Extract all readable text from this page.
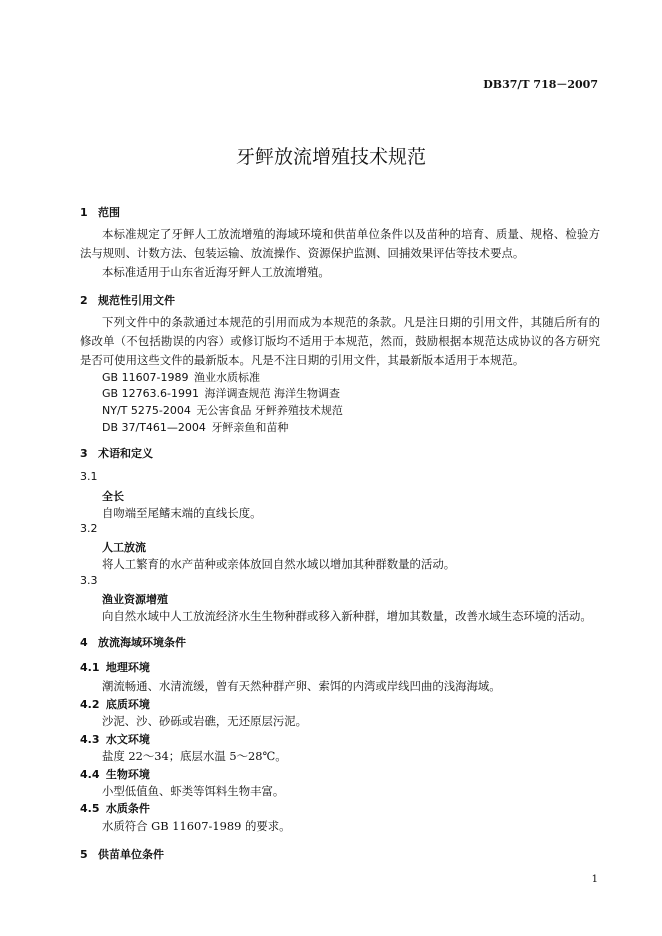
DB37/T 718－2007
牙鲆放流增殖技术规范
1 范围
本标准规定了牙鲆人工放流增殖的海域环境和供苗单位条件以及苗种的培育、质量、规格、检验方法与规则、计数方法、包装运输、放流操作、资源保护监测、回捕效果评估等技术要点。
本标准适用于山东省近海牙鲆人工放流增殖。
2 规范性引用文件
下列文件中的条款通过本规范的引用而成为本规范的条款。凡是注日期的引用文件，其随后所有的修改单（不包括勘误的内容）或修订版均不适用于本规范，然而，鼓励根据本规范达成协议的各方研究是否可使用这些文件的最新版本。凡是不注日期的引用文件，其最新版本适用于本规范。
GB 11607-1989 渔业水质标准
GB 12763.6-1991 海洋调查规范 海洋生物调查
NY/T 5275-2004 无公害食品 牙鲆养殖技术规范
DB 37/T461—2004 牙鲆亲鱼和苗种
3 术语和定义
3.1
全长
自吻端至尾鳍末端的直线长度。
3.2
人工放流
将人工繁育的水产苗种或亲体放回自然水域以增加其种群数量的活动。
3.3
渔业资源增殖
向自然水域中人工放流经济水生生物种群或移入新种群，增加其数量，改善水域生态环境的活动。
4 放流海域环境条件
4.1 地理环境
潮流畅通、水清流缓，曾有天然种群产卵、索饵的内湾或岸线凹曲的浅海海域。
4.2 底质环境
沙泥、沙、砂砾或岩礁，无还原层污泥。
4.3 水文环境
盐度 22～34；底层水温 5～28℃。
4.4 生物环境
小型低值鱼、虾类等饵料生物丰富。
4.5 水质条件
水质符合 GB 11607-1989 的要求。
5 供苗单位条件
1
